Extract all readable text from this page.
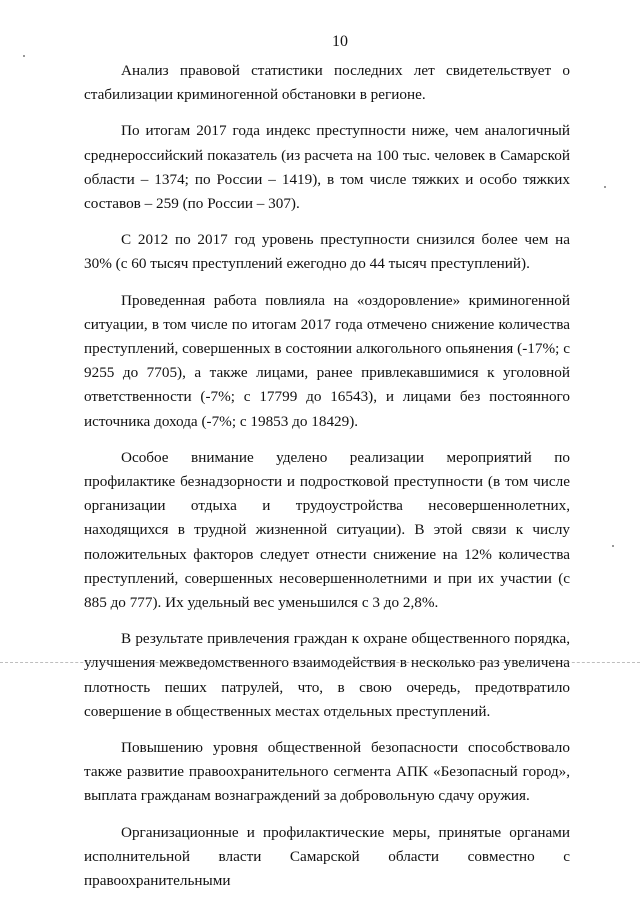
10

Анализ правовой статистики последних лет свидетельствует о стабилизации криминогенной обстановки в регионе.

По итогам 2017 года индекс преступности ниже, чем аналогичный среднероссийский показатель (из расчета на 100 тыс. человек в Самарской области – 1374; по России – 1419), в том числе тяжких и особо тяжких составов – 259 (по России – 307).

С 2012 по 2017 год уровень преступности снизился более чем на 30% (с 60 тысяч преступлений ежегодно до 44 тысяч преступлений).

Проведенная работа повлияла на «оздоровление» криминогенной ситуации, в том числе по итогам 2017 года отмечено снижение количества преступлений, совершенных в состоянии алкогольного опьянения (-17%; с 9255 до 7705), а также лицами, ранее привлекавшимися к уголовной ответственности (-7%; с 17799 до 16543), и лицами без постоянного источника дохода (-7%; с 19853 до 18429).

Особое внимание уделено реализации мероприятий по профилактике безнадзорности и подростковой преступности (в том числе организации отдыха и трудоустройства несовершеннолетних, находящихся в трудной жизненной ситуации). В этой связи к числу положительных факторов следует отнести снижение на 12% количества преступлений, совершенных несовершеннолетними и при их участии (с 885 до 777). Их удельный вес уменьшился с 3 до 2,8%.

В результате привлечения граждан к охране общественного порядка, улучшения межведомственного взаимодействия в несколько раз увеличена плотность пеших патрулей, что, в свою очередь, предотвратило совершение в общественных местах отдельных преступлений.

Повышению уровня общественной безопасности способствовало также развитие правоохранительного сегмента АПК «Безопасный город», выплата гражданам вознаграждений за добровольную сдачу оружия.

Организационные и профилактические меры, принятые органами исполнительной власти Самарской области совместно с правоохранительными
